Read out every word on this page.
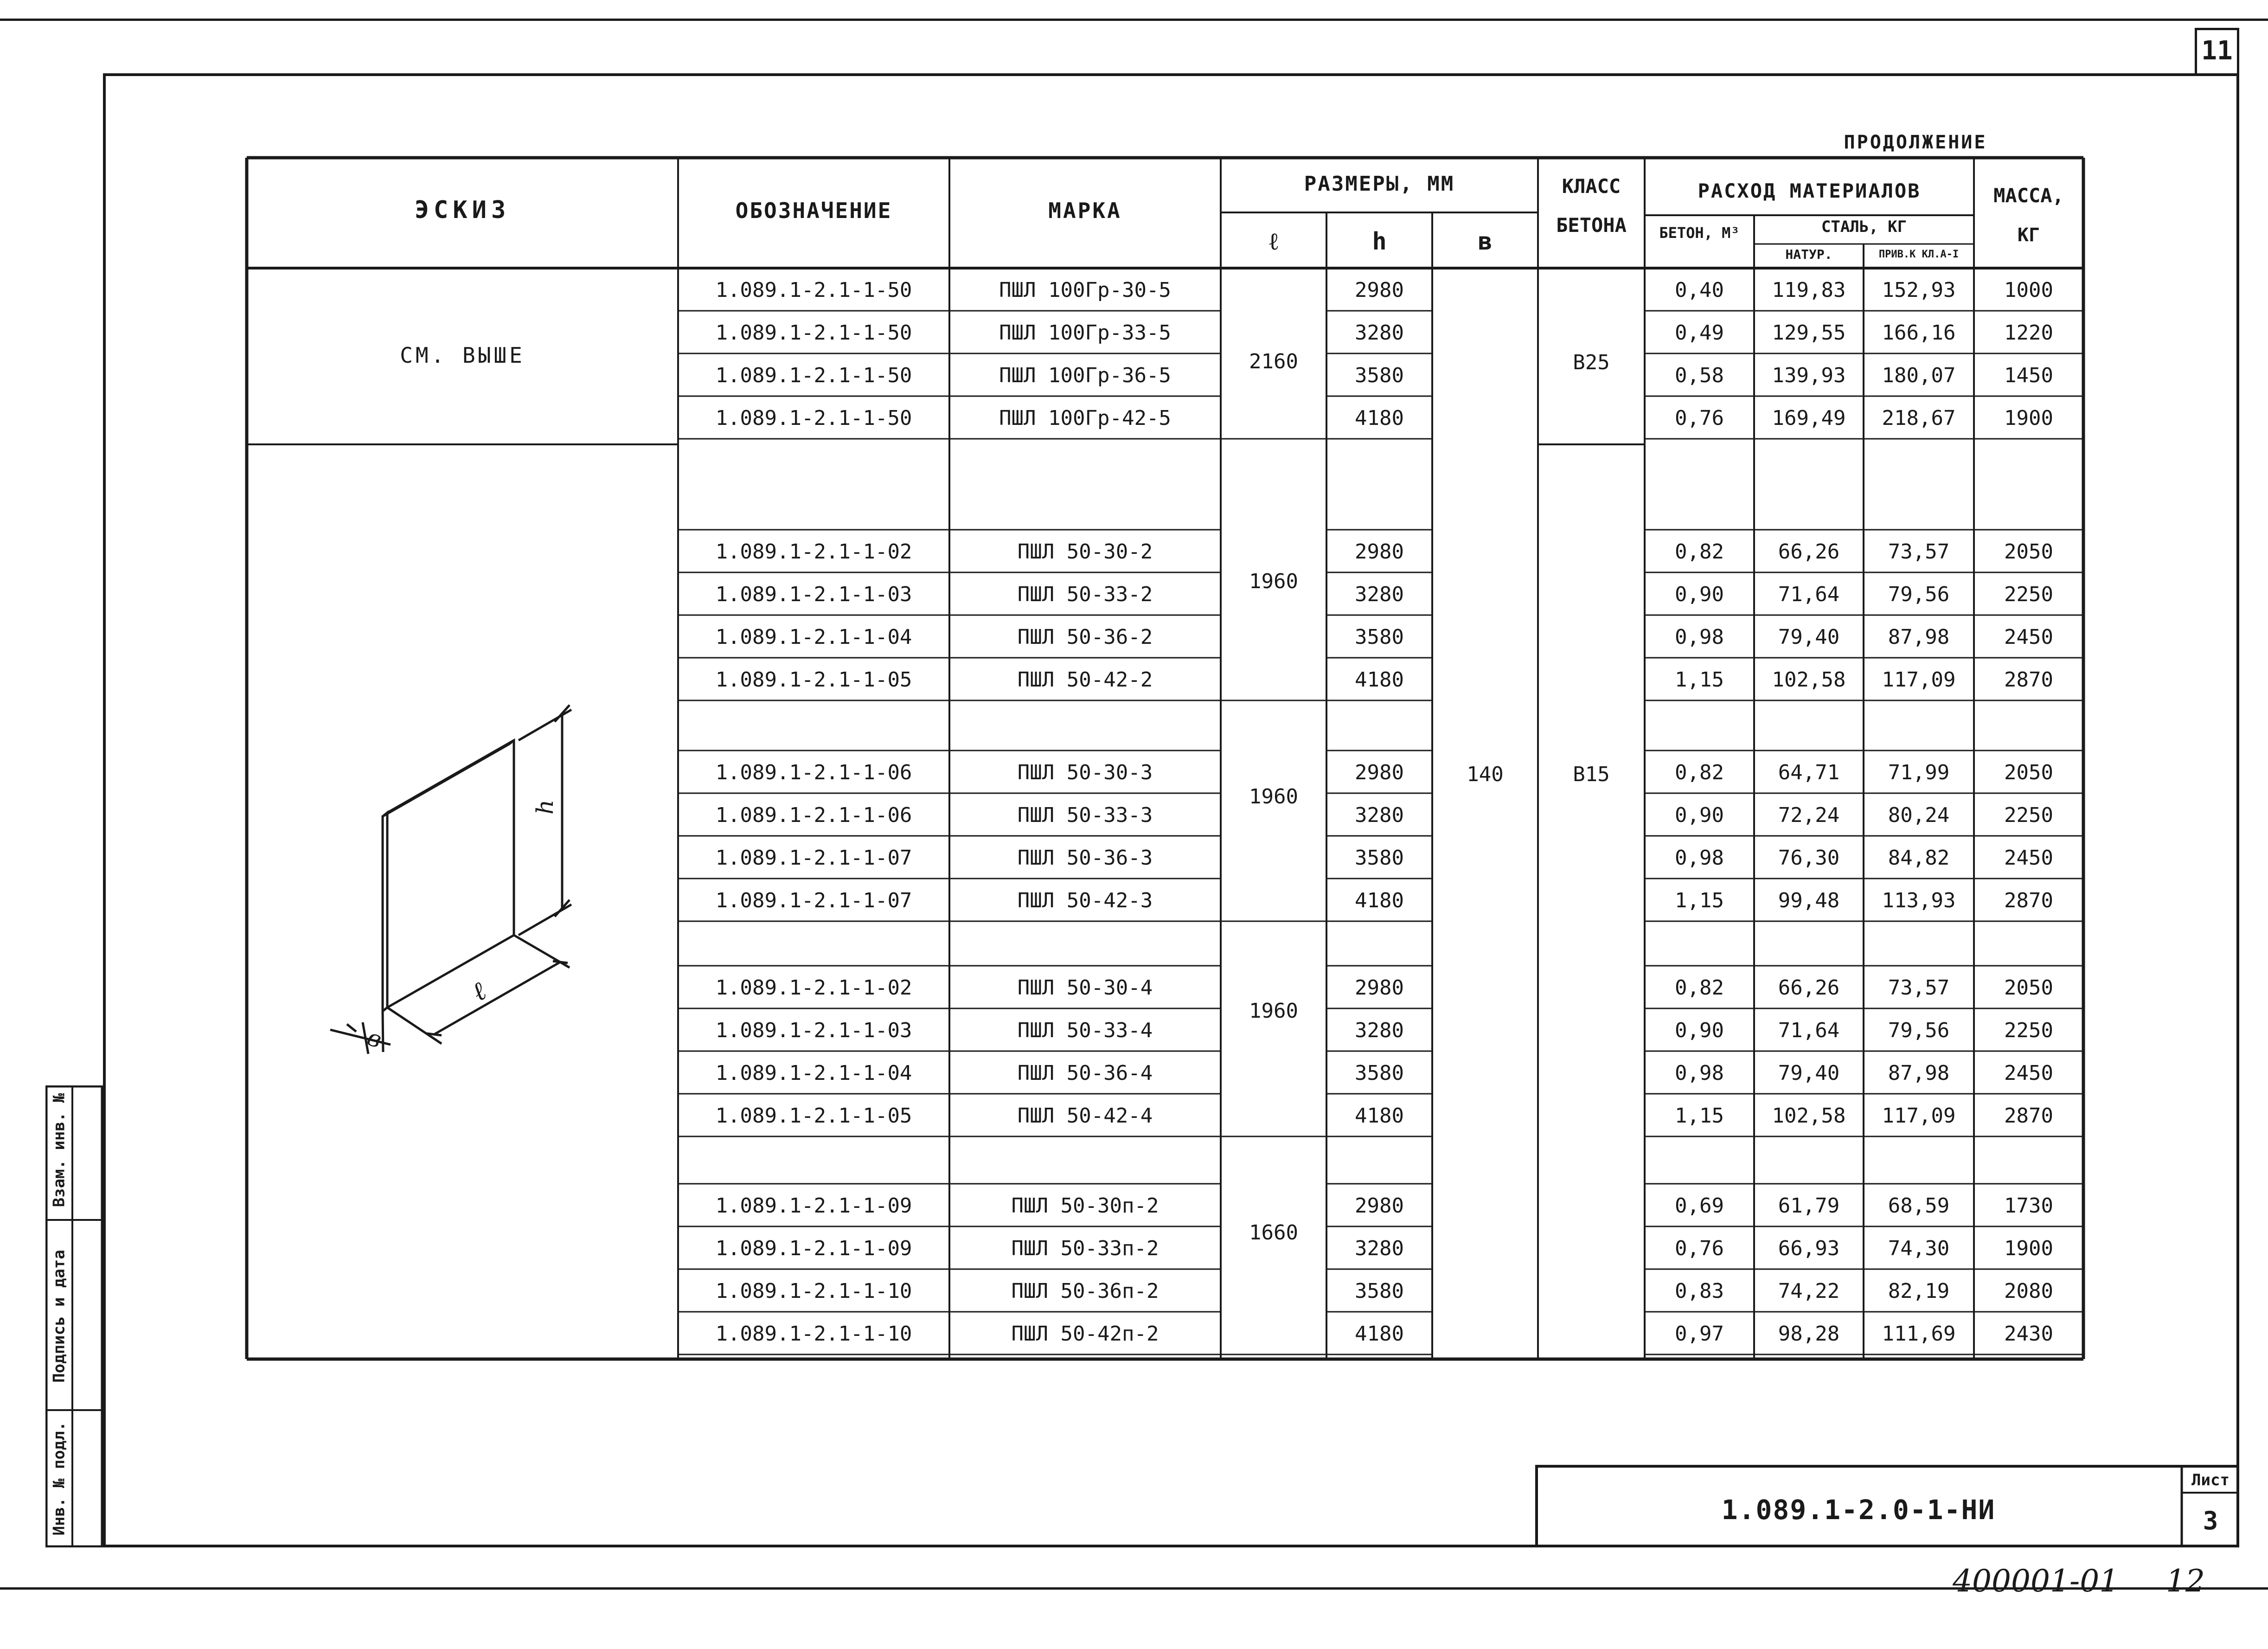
11
Взам. инв. №
Подпись и дата
Инв. № подл.
ПРОДОЛЖЕНИЕ
ЭСКИЗ	ОБОЗНАЧЕНИЕ	МАРКА
РАЗМЕРЫ, ММ
ℓ	h	в
КЛАСС
БЕТОНА
РАСХОД МАТЕРИАЛОВ
БЕТОН, М³	СТАЛЬ, КГ
НАТУР.	ПРИВ.К КЛ.А-I
МАССА,
КГ
СМ. ВЫШЕ
140
В25
В15
2160
1960
1960
1960
1660
1.089.1-2.1-1-50	ПШЛ 100Гр-30-5	2980	0,40	119,83	152,93	1000
1.089.1-2.1-1-50	ПШЛ 100Гр-33-5	3280	0,49	129,55	166,16	1220
1.089.1-2.1-1-50	ПШЛ 100Гр-36-5	3580	0,58	139,93	180,07	1450
1.089.1-2.1-1-50	ПШЛ 100Гр-42-5	4180	0,76	169,49	218,67	1900
1.089.1-2.1-1-02	ПШЛ 50-30-2	2980	0,82	66,26	73,57	2050
1.089.1-2.1-1-03	ПШЛ 50-33-2	3280	0,90	71,64	79,56	2250
1.089.1-2.1-1-04	ПШЛ 50-36-2	3580	0,98	79,40	87,98	2450
1.089.1-2.1-1-05	ПШЛ 50-42-2	4180	1,15	102,58	117,09	2870
1.089.1-2.1-1-06	ПШЛ 50-30-3	2980	0,82	64,71	71,99	2050
1.089.1-2.1-1-06	ПШЛ 50-33-3	3280	0,90	72,24	80,24	2250
1.089.1-2.1-1-07	ПШЛ 50-36-3	3580	0,98	76,30	84,82	2450
1.089.1-2.1-1-07	ПШЛ 50-42-3	4180	1,15	99,48	113,93	2870
1.089.1-2.1-1-02	ПШЛ 50-30-4	2980	0,82	66,26	73,57	2050
1.089.1-2.1-1-03	ПШЛ 50-33-4	3280	0,90	71,64	79,56	2250
1.089.1-2.1-1-04	ПШЛ 50-36-4	3580	0,98	79,40	87,98	2450
1.089.1-2.1-1-05	ПШЛ 50-42-4	4180	1,15	102,58	117,09	2870
1.089.1-2.1-1-09	ПШЛ 50-30п-2	2980	0,69	61,79	68,59	1730
1.089.1-2.1-1-09	ПШЛ 50-33п-2	3280	0,76	66,93	74,30	1900
1.089.1-2.1-1-10	ПШЛ 50-36п-2	3580	0,83	74,22	82,19	2080
1.089.1-2.1-1-10	ПШЛ 50-42п-2	4180	0,97	98,28	111,69	2430
h
ℓ
в
1.089.1-2.0-1-НИ
Лист
3
400001-01 12
